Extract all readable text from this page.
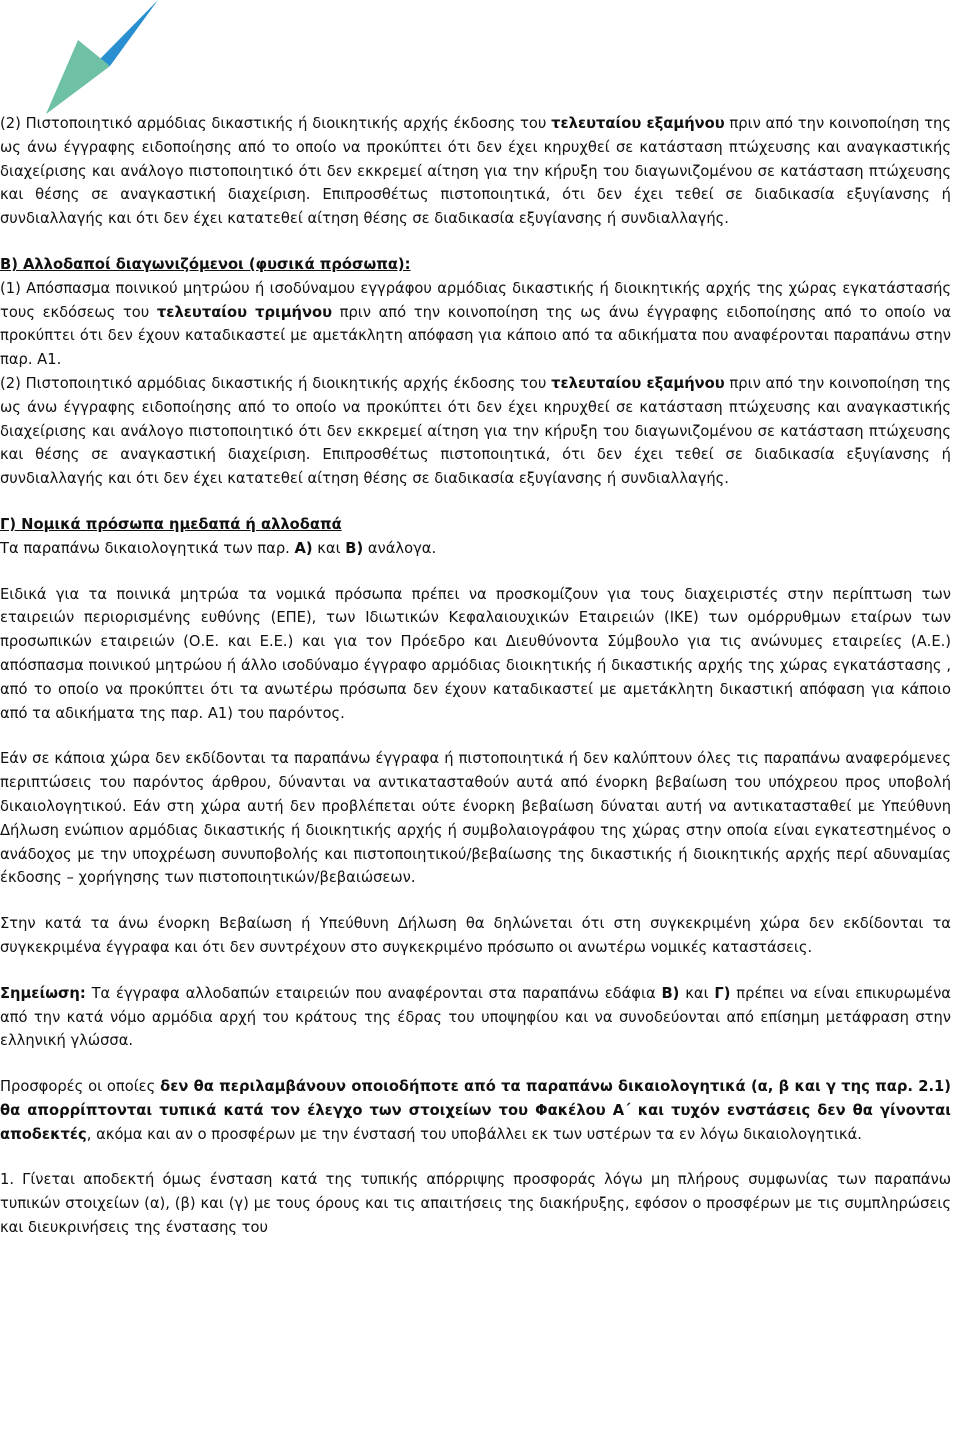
(2) Πιστοποιητικό αρμόδιας δικαστικής ή διοικητικής αρχής έκδοσης του τελευταίου εξαμήνου πριν από την κοινοποίηση της ως άνω έγγραφης ειδοποίησης από το οποίο να προκύπτει ότι δεν έχει κηρυχθεί σε κατάσταση πτώχευσης και αναγκαστικής διαχείρισης και ανάλογο πιστοποιητικό ότι δεν εκκρεμεί αίτηση για την κήρυξη του διαγωνιζομένου σε κατάσταση πτώχευσης και θέσης σε αναγκαστική διαχείριση. Επιπροσθέτως πιστοποιητικά, ότι δεν έχει τεθεί σε διαδικασία εξυγίανσης ή συνδιαλλαγής και ότι δεν έχει κατατεθεί αίτηση θέσης σε διαδικασία εξυγίανσης ή συνδιαλλαγής.

Β) Αλλοδαποί διαγωνιζόμενοι (φυσικά πρόσωπα):

(1) Απόσπασμα ποινικού μητρώου ή ισοδύναμου εγγράφου αρμόδιας δικαστικής ή διοικητικής αρχής της χώρας εγκατάστασής τους εκδόσεως του τελευταίου τριμήνου πριν από την κοινοποίηση της ως άνω έγγραφης ειδοποίησης από το οποίο να προκύπτει ότι δεν έχουν καταδικαστεί με αμετάκλητη απόφαση για κάποιο από τα αδικήματα που αναφέρονται παραπάνω στην παρ. Α1.

(2) Πιστοποιητικό αρμόδιας δικαστικής ή διοικητικής αρχής έκδοσης του τελευταίου εξαμήνου πριν από την κοινοποίηση της ως άνω έγγραφης ειδοποίησης από το οποίο να προκύπτει ότι δεν έχει κηρυχθεί σε κατάσταση πτώχευσης και αναγκαστικής διαχείρισης και ανάλογο πιστοποιητικό ότι δεν εκκρεμεί αίτηση για την κήρυξη του διαγωνιζομένου σε κατάσταση πτώχευσης και θέσης σε αναγκαστική διαχείριση. Επιπροσθέτως πιστοποιητικά, ότι δεν έχει τεθεί σε διαδικασία εξυγίανσης ή συνδιαλλαγής και ότι δεν έχει κατατεθεί αίτηση θέσης σε διαδικασία εξυγίανσης ή συνδιαλλαγής.

Γ) Νομικά πρόσωπα ημεδαπά ή αλλοδαπά

Τα παραπάνω δικαιολογητικά των παρ. Α) και Β) ανάλογα.

Ειδικά για τα ποινικά μητρώα τα νομικά πρόσωπα πρέπει να προσκομίζουν για τους διαχειριστές στην περίπτωση των εταιρειών περιορισμένης ευθύνης (ΕΠΕ), των Ιδιωτικών Κεφαλαιουχικών Εταιρειών (ΙΚΕ) των ομόρρυθμων εταίρων των προσωπικών εταιρειών (Ο.Ε. και Ε.Ε.) και για τον Πρόεδρο και Διευθύνοντα Σύμβουλο για τις ανώνυμες εταιρείες (Α.Ε.) απόσπασμα ποινικού μητρώου ή άλλο ισοδύναμο έγγραφο αρμόδιας διοικητικής ή δικαστικής αρχής της χώρας εγκατάστασης , από το οποίο να προκύπτει ότι τα ανωτέρω πρόσωπα δεν έχουν καταδικαστεί με αμετάκλητη δικαστική απόφαση για κάποιο από τα αδικήματα της παρ. Α1) του παρόντος.

Εάν σε κάποια χώρα δεν εκδίδονται τα παραπάνω έγγραφα ή πιστοποιητικά ή δεν καλύπτουν όλες τις παραπάνω αναφερόμενες περιπτώσεις του παρόντος άρθρου, δύνανται να αντικατασταθούν αυτά από ένορκη βεβαίωση του υπόχρεου προς υποβολή δικαιολογητικού. Εάν στη χώρα αυτή δεν προβλέπεται ούτε ένορκη βεβαίωση δύναται αυτή να αντικατασταθεί με Υπεύθυνη Δήλωση ενώπιον αρμόδιας δικαστικής ή διοικητικής αρχής ή συμβολαιογράφου της χώρας στην οποία είναι εγκατεστημένος ο ανάδοχος με την υποχρέωση συνυποβολής και πιστοποιητικού/βεβαίωσης της δικαστικής ή διοικητικής αρχής περί αδυναμίας έκδοσης – χορήγησης των πιστοποιητικών/βεβαιώσεων.

Στην κατά τα άνω ένορκη Βεβαίωση ή Υπεύθυνη Δήλωση θα δηλώνεται ότι στη συγκεκριμένη χώρα δεν εκδίδονται τα συγκεκριμένα έγγραφα και ότι δεν συντρέχουν στο συγκεκριμένο πρόσωπο οι ανωτέρω νομικές καταστάσεις.

Σημείωση: Τα έγγραφα αλλοδαπών εταιρειών που αναφέρονται στα παραπάνω εδάφια Β) και Γ) πρέπει να είναι επικυρωμένα από την κατά νόμο αρμόδια αρχή του κράτους της έδρας του υποψηφίου και να συνοδεύονται από επίσημη μετάφραση στην ελληνική γλώσσα.

Προσφορές οι οποίες δεν θα περιλαμβάνουν οποιοδήποτε από τα παραπάνω δικαιολογητικά (α, β και γ της παρ. 2.1) θα απορρίπτονται τυπικά κατά τον έλεγχο των στοιχείων του Φακέλου Α΄ και τυχόν ενστάσεις δεν θα γίνονται αποδεκτές, ακόμα και αν ο προσφέρων με την ένστασή του υποβάλλει εκ των υστέρων τα εν λόγω δικαιολογητικά.

1. Γίνεται αποδεκτή όμως ένσταση κατά της τυπικής απόρριψης προσφοράς λόγω μη πλήρους συμφωνίας των παραπάνω τυπικών στοιχείων (α), (β) και (γ) με τους όρους και τις απαιτήσεις της διακήρυξης, εφόσον ο προσφέρων με τις συμπληρώσεις και διευκρινήσεις της ένστασης του
